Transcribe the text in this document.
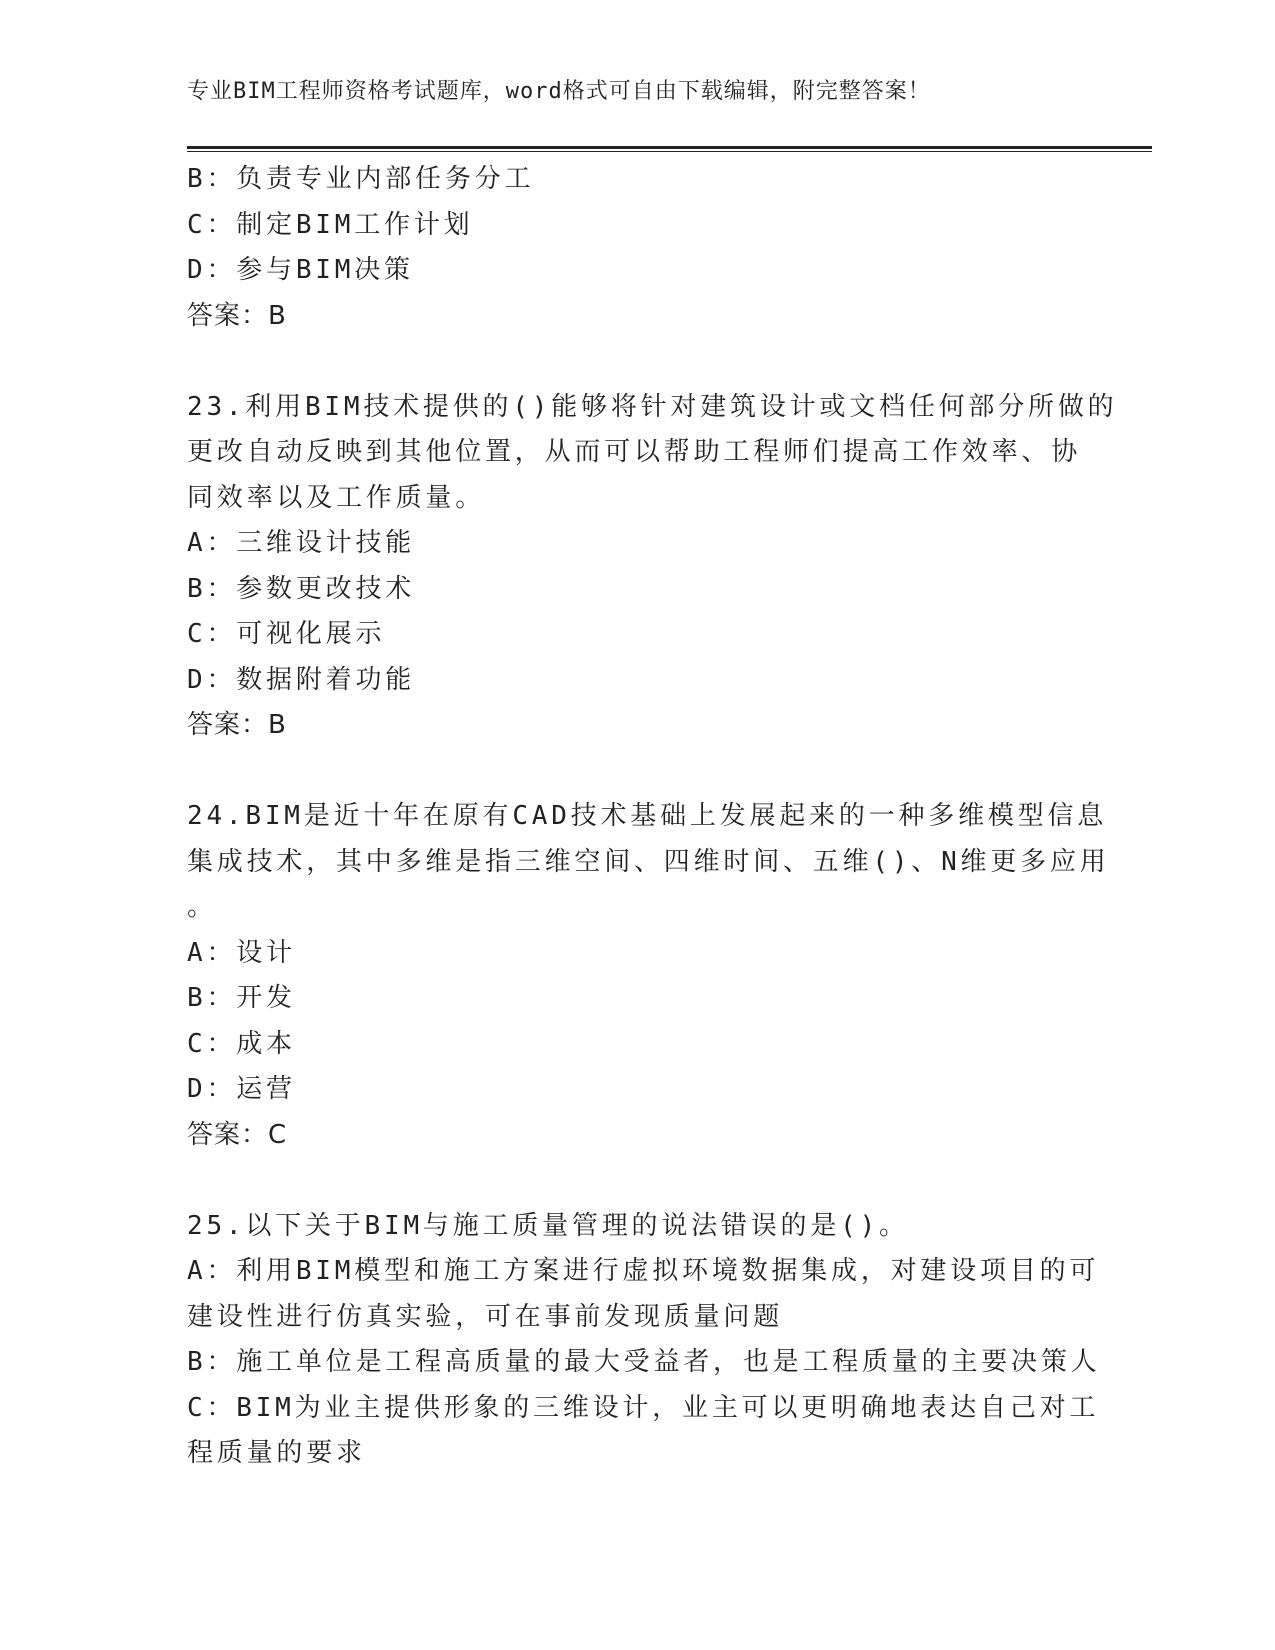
专业BIM工程师资格考试题库，word格式可自由下载编辑，附完整答案！
B：负责专业内部任务分工
C：制定BIM工作计划
D：参与BIM决策
答案：B
23.利用BIM技术提供的()能够将针对建筑设计或文档任何部分所做的
更改自动反映到其他位置，从而可以帮助工程师们提高工作效率、协
同效率以及工作质量。
A：三维设计技能
B：参数更改技术
C：可视化展示
D：数据附着功能
答案：B
24.BIM是近十年在原有CAD技术基础上发展起来的一种多维模型信息
集成技术，其中多维是指三维空间、四维时间、五维()、N维更多应用
。
A：设计
B：开发
C：成本
D：运营
答案：C
25.以下关于BIM与施工质量管理的说法错误的是()。
A：利用BIM模型和施工方案进行虚拟环境数据集成，对建设项目的可
建设性进行仿真实验，可在事前发现质量问题
B：施工单位是工程高质量的最大受益者，也是工程质量的主要决策人
C：BIM为业主提供形象的三维设计，业主可以更明确地表达自己对工
程质量的要求
